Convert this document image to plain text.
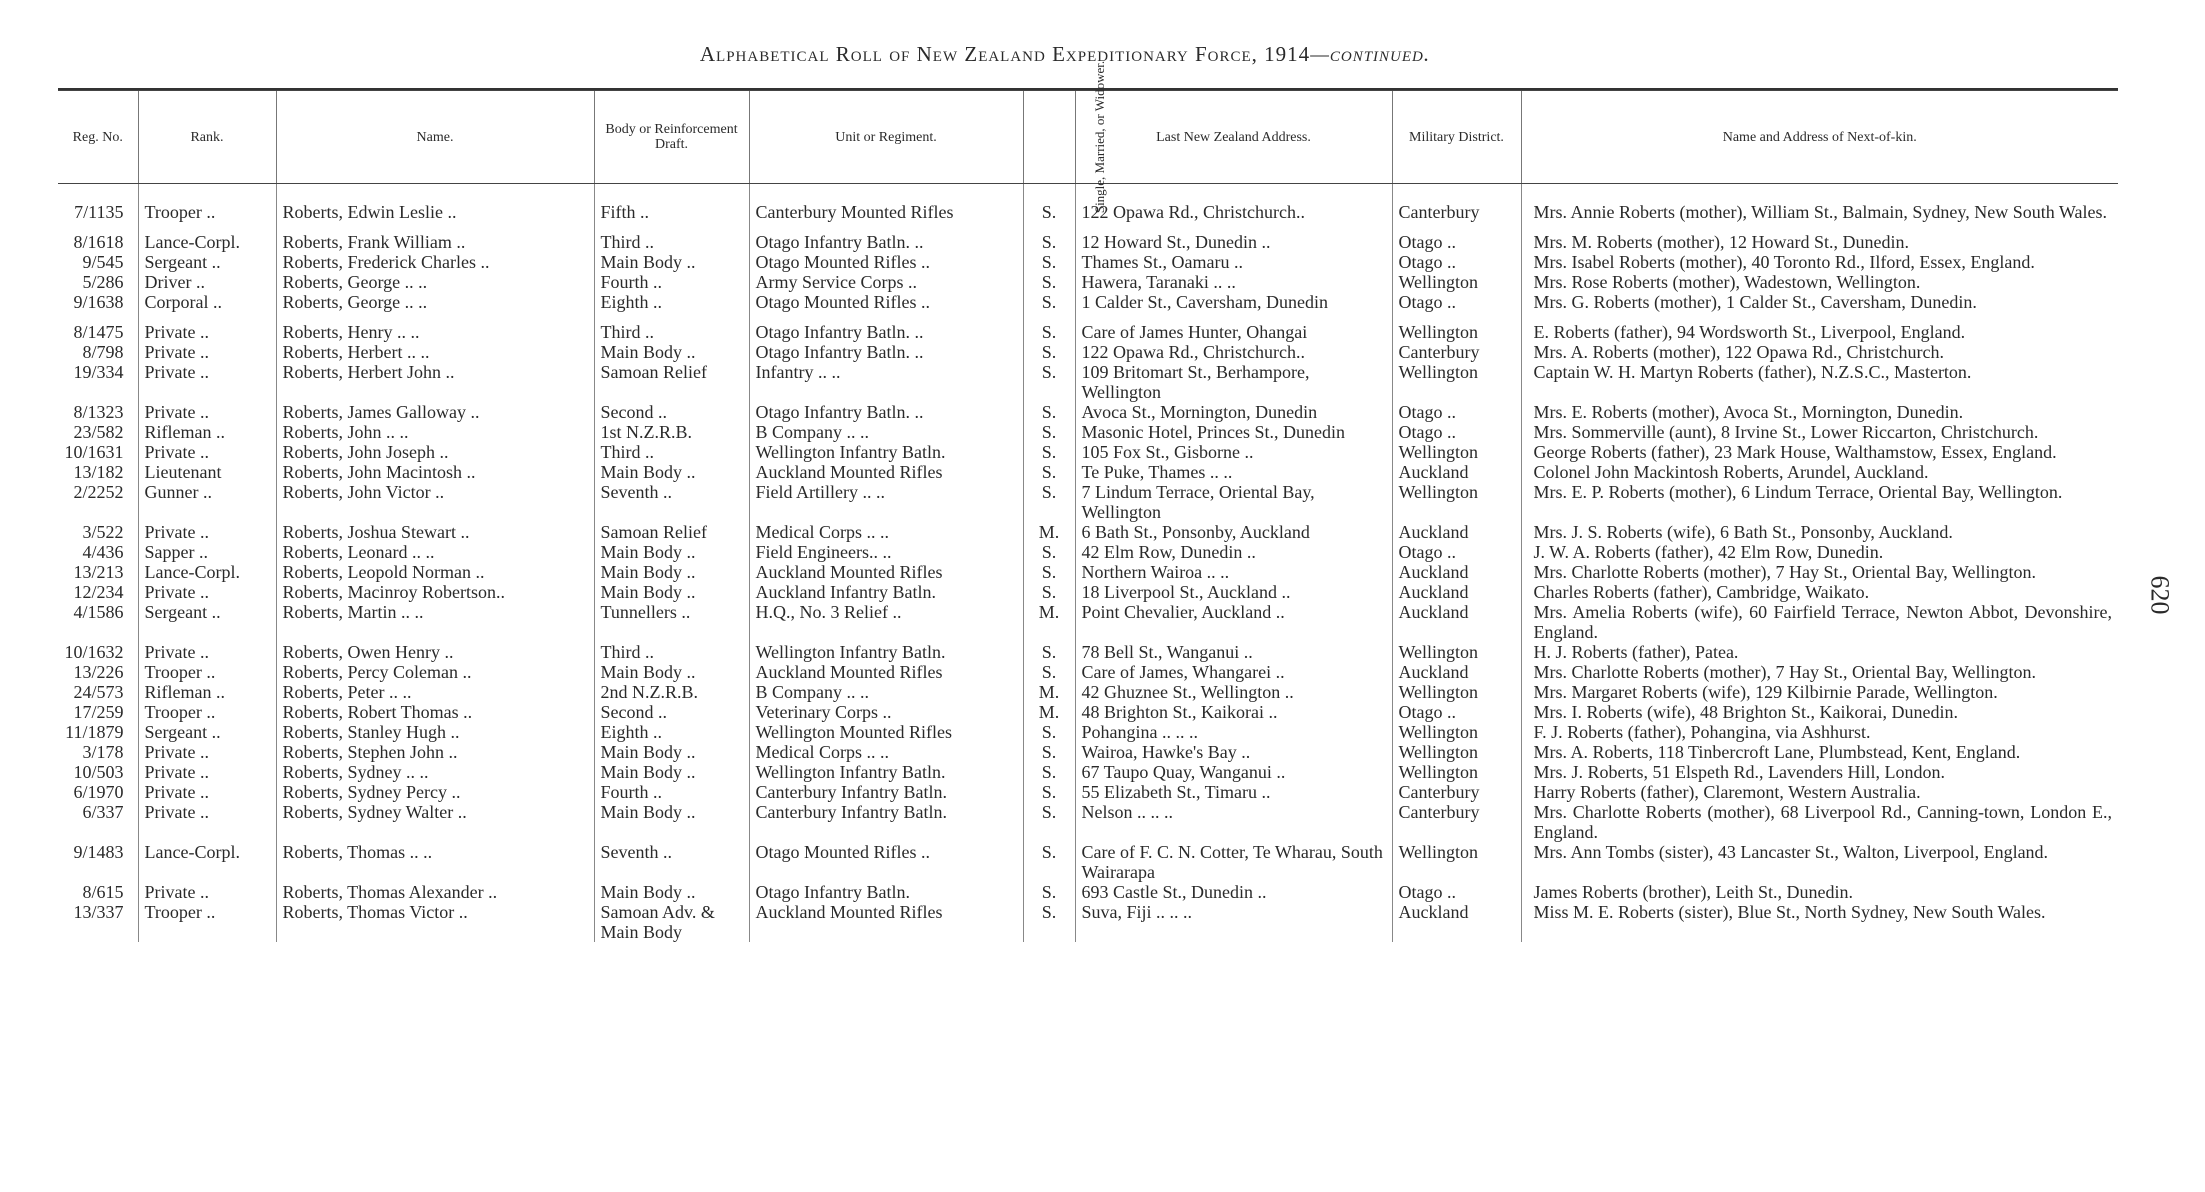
Alphabetical Roll of New Zealand Expeditionary Force, 1914—continued.
620

Reg. No.	Rank.	Name.	Body or Reinforcement Draft.	Unit or Regiment.	Single, Married, or Widower.	Last New Zealand Address.	Military District.	Name and Address of Next-of-kin.

7/1135	Trooper ..	Roberts, Edwin Leslie ..	Fifth ..	Canterbury Mounted Rifles	S.	122 Opawa Rd., Christchurch..	Canterbury	Mrs. Annie Roberts (mother), William St., Balmain, Sydney, New South Wales.
8/1618	Lance-Corpl.	Roberts, Frank William ..	Third ..	Otago Infantry Batln. ..	S.	12 Howard St., Dunedin ..	Otago ..	Mrs. M. Roberts (mother), 12 Howard St., Dunedin.
9/545	Sergeant ..	Roberts, Frederick Charles ..	Main Body ..	Otago Mounted Rifles ..	S.	Thames St., Oamaru ..	Otago ..	Mrs. Isabel Roberts (mother), 40 Toronto Rd., Ilford, Essex, England.
5/286	Driver ..	Roberts, George .. ..	Fourth ..	Army Service Corps ..	S.	Hawera, Taranaki .. ..	Wellington	Mrs. Rose Roberts (mother), Wadestown, Wellington.
9/1638	Corporal ..	Roberts, George .. ..	Eighth ..	Otago Mounted Rifles ..	S.	1 Calder St., Caversham, Dunedin	Otago ..	Mrs. G. Roberts (mother), 1 Calder St., Caversham, Dunedin.
8/1475	Private ..	Roberts, Henry .. ..	Third ..	Otago Infantry Batln. ..	S.	Care of James Hunter, Ohangai	Wellington	E. Roberts (father), 94 Wordsworth St., Liverpool, England.
8/798	Private ..	Roberts, Herbert .. ..	Main Body ..	Otago Infantry Batln. ..	S.	122 Opawa Rd., Christchurch..	Canterbury	Mrs. A. Roberts (mother), 122 Opawa Rd., Christchurch.
19/334	Private ..	Roberts, Herbert John ..	Samoan Relief	Infantry .. ..	S.	109 Britomart St., Berhampore, Wellington	Wellington	Captain W. H. Martyn Roberts (father), N.Z.S.C., Masterton.
8/1323	Private ..	Roberts, James Galloway ..	Second ..	Otago Infantry Batln. ..	S.	Avoca St., Mornington, Dunedin	Otago ..	Mrs. E. Roberts (mother), Avoca St., Mornington, Dunedin.
23/582	Rifleman ..	Roberts, John .. ..	1st N.Z.R.B.	B Company .. ..	S.	Masonic Hotel, Princes St., Dunedin	Otago ..	Mrs. Sommerville (aunt), 8 Irvine St., Lower Riccarton, Christchurch.
10/1631	Private ..	Roberts, John Joseph ..	Third ..	Wellington Infantry Batln.	S.	105 Fox St., Gisborne ..	Wellington	George Roberts (father), 23 Mark House, Walthamstow, Essex, England.
13/182	Lieutenant	Roberts, John Macintosh ..	Main Body ..	Auckland Mounted Rifles	S.	Te Puke, Thames .. ..	Auckland	Colonel John Mackintosh Roberts, Arundel, Auckland.
2/2252	Gunner ..	Roberts, John Victor ..	Seventh ..	Field Artillery .. ..	S.	7 Lindum Terrace, Oriental Bay, Wellington	Wellington	Mrs. E. P. Roberts (mother), 6 Lindum Terrace, Oriental Bay, Wellington.
3/522	Private ..	Roberts, Joshua Stewart ..	Samoan Relief	Medical Corps .. ..	M.	6 Bath St., Ponsonby, Auckland	Auckland	Mrs. J. S. Roberts (wife), 6 Bath St., Ponsonby, Auckland.
4/436	Sapper ..	Roberts, Leonard .. ..	Main Body ..	Field Engineers.. ..	S.	42 Elm Row, Dunedin ..	Otago ..	J. W. A. Roberts (father), 42 Elm Row, Dunedin.
13/213	Lance-Corpl.	Roberts, Leopold Norman ..	Main Body ..	Auckland Mounted Rifles	S.	Northern Wairoa .. ..	Auckland	Mrs. Charlotte Roberts (mother), 7 Hay St., Oriental Bay, Wellington.
12/234	Private ..	Roberts, Macinroy Robertson..	Main Body ..	Auckland Infantry Batln.	S.	18 Liverpool St., Auckland ..	Auckland	Charles Roberts (father), Cambridge, Waikato.
4/1586	Sergeant ..	Roberts, Martin .. ..	Tunnellers ..	H.Q., No. 3 Relief ..	M.	Point Chevalier, Auckland ..	Auckland	Mrs. Amelia Roberts (wife), 60 Fairfield Terrace, Newton Abbot, Devonshire, England.
10/1632	Private ..	Roberts, Owen Henry ..	Third ..	Wellington Infantry Batln.	S.	78 Bell St., Wanganui ..	Wellington	H. J. Roberts (father), Patea.
13/226	Trooper ..	Roberts, Percy Coleman ..	Main Body ..	Auckland Mounted Rifles	S.	Care of James, Whangarei ..	Auckland	Mrs. Charlotte Roberts (mother), 7 Hay St., Oriental Bay, Wellington.
24/573	Rifleman ..	Roberts, Peter .. ..	2nd N.Z.R.B.	B Company .. ..	M.	42 Ghuznee St., Wellington ..	Wellington	Mrs. Margaret Roberts (wife), 129 Kilbirnie Parade, Wellington.
17/259	Trooper ..	Roberts, Robert Thomas ..	Second ..	Veterinary Corps ..	M.	48 Brighton St., Kaikorai ..	Otago ..	Mrs. I. Roberts (wife), 48 Brighton St., Kaikorai, Dunedin.
11/1879	Sergeant ..	Roberts, Stanley Hugh ..	Eighth ..	Wellington Mounted Rifles	S.	Pohangina .. .. ..	Wellington	F. J. Roberts (father), Pohangina, via Ashhurst.
3/178	Private ..	Roberts, Stephen John ..	Main Body ..	Medical Corps .. ..	S.	Wairoa, Hawke's Bay ..	Wellington	Mrs. A. Roberts, 118 Tinbercroft Lane, Plumbstead, Kent, England.
10/503	Private ..	Roberts, Sydney .. ..	Main Body ..	Wellington Infantry Batln.	S.	67 Taupo Quay, Wanganui ..	Wellington	Mrs. J. Roberts, 51 Elspeth Rd., Lavenders Hill, London.
6/1970	Private ..	Roberts, Sydney Percy ..	Fourth ..	Canterbury Infantry Batln.	S.	55 Elizabeth St., Timaru ..	Canterbury	Harry Roberts (father), Claremont, Western Australia.
6/337	Private ..	Roberts, Sydney Walter ..	Main Body ..	Canterbury Infantry Batln.	S.	Nelson .. .. ..	Canterbury	Mrs. Charlotte Roberts (mother), 68 Liverpool Rd., Canning-town, London E., England.
9/1483	Lance-Corpl.	Roberts, Thomas .. ..	Seventh ..	Otago Mounted Rifles ..	S.	Care of F. C. N. Cotter, Te Wharau, South Wairarapa	Wellington	Mrs. Ann Tombs (sister), 43 Lancaster St., Walton, Liverpool, England.
8/615	Private ..	Roberts, Thomas Alexander ..	Main Body ..	Otago Infantry Batln.	S.	693 Castle St., Dunedin ..	Otago ..	James Roberts (brother), Leith St., Dunedin.
13/337	Trooper ..	Roberts, Thomas Victor ..	Samoan Adv. & Main Body	Auckland Mounted Rifles	S.	Suva, Fiji .. .. ..	Auckland	Miss M. E. Roberts (sister), Blue St., North Sydney, New South Wales.
